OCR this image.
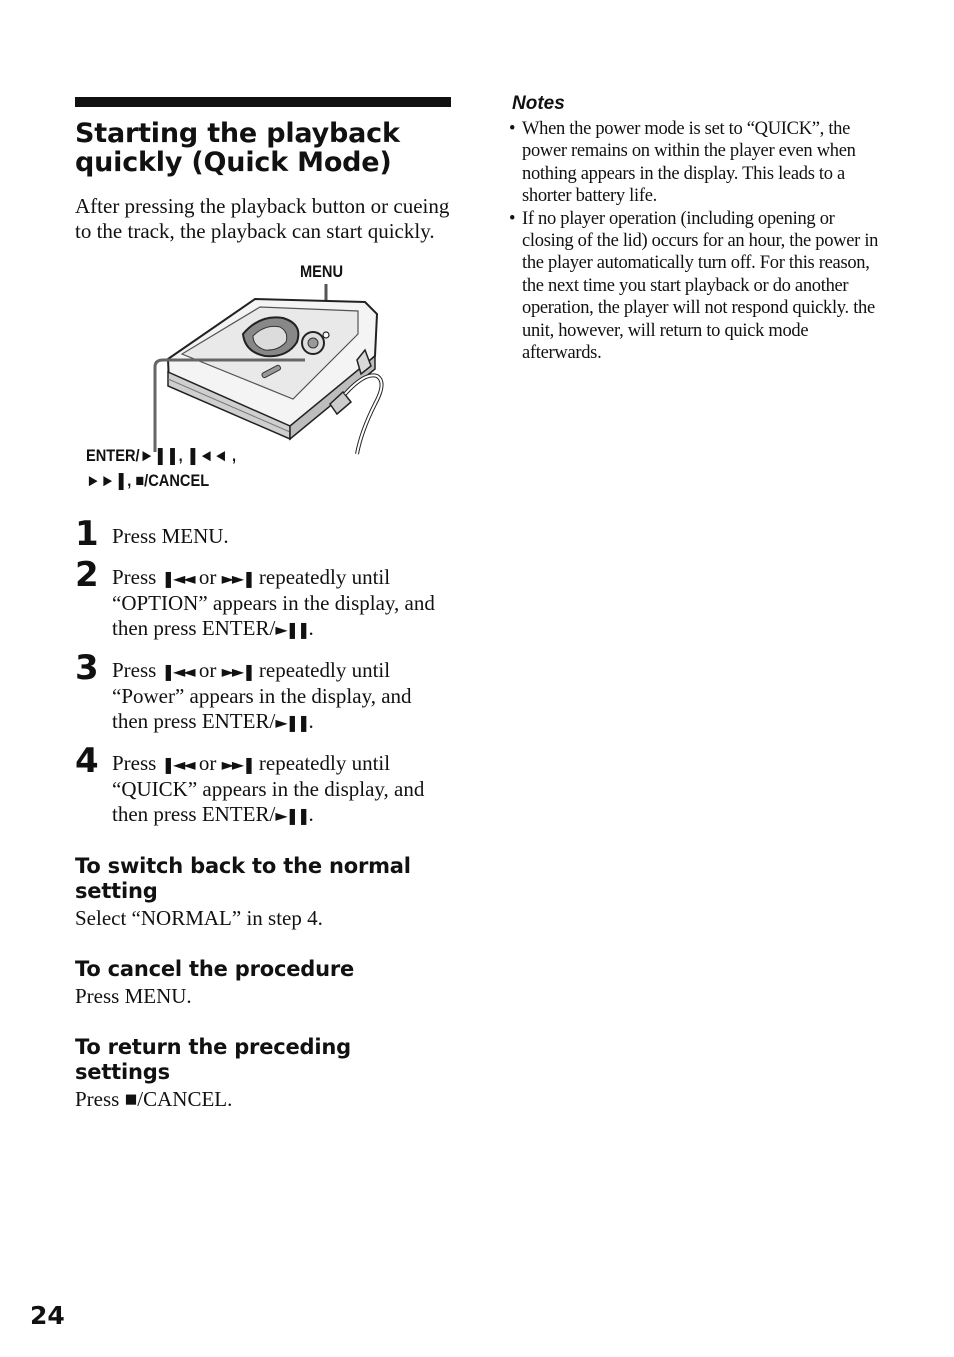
Starting the playback
quickly (Quick Mode)

After pressing the playback button or cueing to the track, the playback can start quickly.

MENU
ENTER/►❚❚, ❚◄◄ ,
►►❚, ■/CANCEL
1 Press MENU.
2 Press ❚◄◄ or ►►❚ repeatedly until “OPTION” appears in the display, and then press ENTER/►❚❚.
3 Press ❚◄◄ or ►►❚ repeatedly until “Power” appears in the display, and then press ENTER/►❚❚.
4 Press ❚◄◄ or ►►❚ repeatedly until “QUICK” appears in the display, and then press ENTER/►❚❚.
To switch back to the normal
setting

Select “NORMAL” in step 4.

To cancel the procedure

Press MENU.

To return the preceding
settings

Press ■/CANCEL.

Notes
• When the power mode is set to “QUICK”, the power remains on within the player even when nothing appears in the display. This leads to a shorter battery life.
• If no player operation (including opening or closing of the lid) occurs for an hour, the power in the player automatically turn off. For this reason, the next time you start playback or do another operation, the player will not respond quickly. the unit, however, will return to quick mode afterwards.
24
